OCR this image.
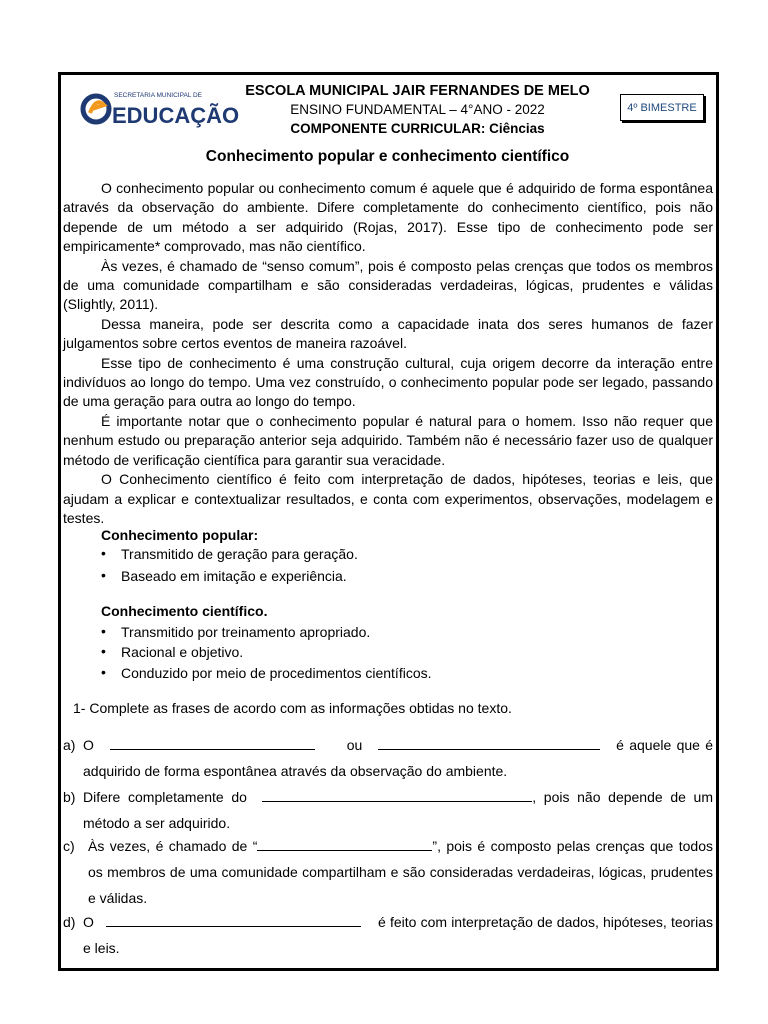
SECRETARIA MUNICIPAL DE
EDUCAÇÃO
ESCOLA MUNICIPAL JAIR FERNANDES DE MELO
ENSINO FUNDAMENTAL – 4°ANO - 2022
COMPONENTE CURRICULAR: Ciências
4º BIMESTRE
Conhecimento popular e conhecimento científico

O conhecimento popular ou conhecimento comum é aquele que é adquirido de forma espontânea através da observação do ambiente. Difere completamente do conhecimento científico, pois não depende de um método a ser adquirido (Rojas, 2017). Esse tipo de conhecimento pode ser empiricamente* comprovado, mas não científico.

Às vezes, é chamado de “senso comum”, pois é composto pelas crenças que todos os membros de uma comunidade compartilham e são consideradas verdadeiras, lógicas, prudentes e válidas (Slightly, 2011).

Dessa maneira, pode ser descrita como a capacidade inata dos seres humanos de fazer julgamentos sobre certos eventos de maneira razoável.

Esse tipo de conhecimento é uma construção cultural, cuja origem decorre da interação entre indivíduos ao longo do tempo. Uma vez construído, o conhecimento popular pode ser legado, passando de uma geração para outra ao longo do tempo.

É importante notar que o conhecimento popular é natural para o homem. Isso não requer que nenhum estudo ou preparação anterior seja adquirido. Também não é necessário fazer uso de qualquer método de verificação científica para garantir sua veracidade.

O Conhecimento científico é feito com interpretação de dados, hipóteses, teorias e leis, que ajudam a explicar e contextualizar resultados, e conta com experimentos, observações, modelagem e testes.

Conhecimento popular:
• Transmitido de geração para geração.
• Baseado em imitação e experiência.
Conhecimento científico.
• Transmitido por treinamento apropriado.
• Racional e objetivo.
• Conduzido por meio de procedimentos científicos.
1- Complete as frases de acordo com as informações obtidas no texto.
a) O	ou	é aquele que é adquirido de forma espontânea através da observação do ambiente.
b) Difere completamente do	, pois não depende de um método a ser adquirido.
c) Às vezes, é chamado de “	”, pois é composto pelas crenças que todos os membros de uma comunidade compartilham e são consideradas verdadeiras, lógicas, prudentes e válidas.
d) O	é feito com interpretação de dados, hipóteses, teorias e leis.
